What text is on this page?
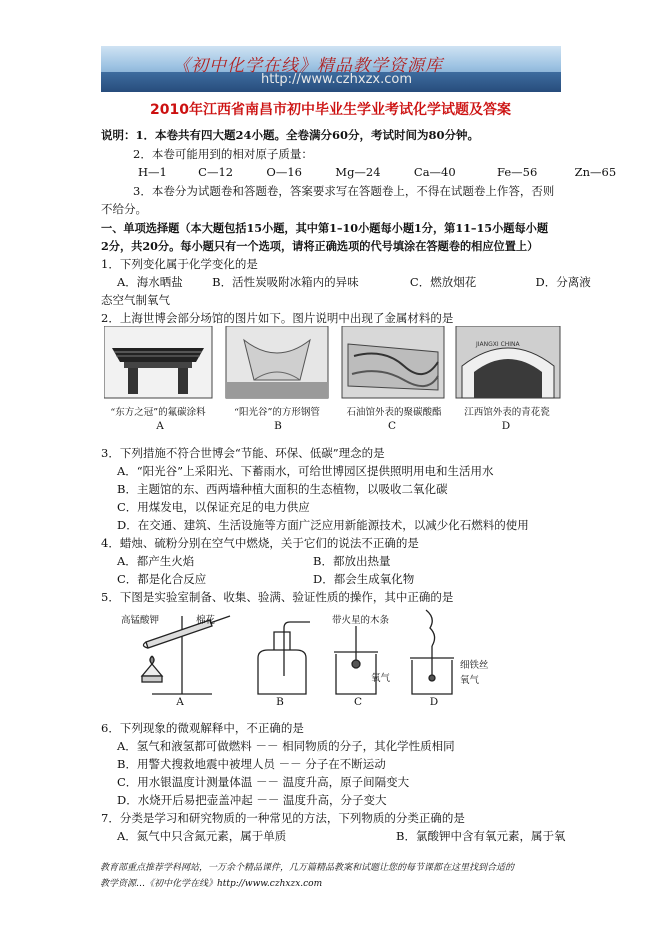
《初中化学在线》精品教学资源库
http://www.czhxzx.com
2010年江西省南昌市初中毕业生学业考试化学试题及答案
说明：1．本卷共有四大题24小题。全卷满分60分，考试时间为80分钟。
2．本卷可能用到的相对原子质量：
H—1	C—12	O—16	Mg—24	Ca—40	Fe—56	Zn—65
3．本卷分为试题卷和答题卷，答案要求写在答题卷上，不得在试题卷上作答，否则
不给分。
一、单项选择题（本大题包括15小题，其中第1–10小题每小题1分，第11–15小题每小题
2分，共20分。每小题只有一个选项，请将正确选项的代号填涂在答题卷的相应位置上）
1．下列变化属于化学变化的是
A．海水晒盐	B．活性炭吸附冰箱内的异味	C．燃放烟花	D．分离液
态空气制氧气
2．上海世博会部分场馆的图片如下。图片说明中出现了金属材料的是
JIANGXI CHINA
“东方之冠”的氟碳涂料	“阳光谷”的方形钢管	石油馆外表的聚碳酸酯	江西馆外表的青花瓷
A	B	C	D
3．下列措施不符合世博会“节能、环保、低碳”理念的是
A．“阳光谷”上采阳光、下蓄雨水，可给世博园区提供照明用电和生活用水
B．主题馆的东、西两墙种植大面积的生态植物，以吸收二氧化碳
C．用煤发电，以保证充足的电力供应
D．在交通、建筑、生活设施等方面广泛应用新能源技术，以减少化石燃料的使用
4．蜡烛、硫粉分别在空气中燃烧，关于它们的说法不正确的是
A．都产生火焰	B．都放出热量
C．都是化合反应	D．都会生成氧化物
5．下图是实验室制备、收集、验满、验证性质的操作，其中正确的是
高锰酸钾	棉花	带火星的木条
氧气
细铁丝
氧气
A	B	C	D
6．下列现象的微观解释中，不正确的是
A．氢气和液氢都可做燃料 －－ 相同物质的分子，其化学性质相同
B．用警犬搜救地震中被埋人员 －－ 分子在不断运动
C．用水银温度计测量体温 －－ 温度升高，原子间隔变大
D．水烧开后易把壶盖冲起 －－ 温度升高，分子变大
7．分类是学习和研究物质的一种常见的方法，下列物质的分类正确的是
A．氮气中只含氮元素，属于单质	B．氯酸钾中含有氧元素，属于氧
教育部重点推荐学科网站，一万余个精品课件，几万篇精品教案和试题让您的每节课都在这里找到合适的
教学资源…《初中化学在线》http://www.czhxzx.com
